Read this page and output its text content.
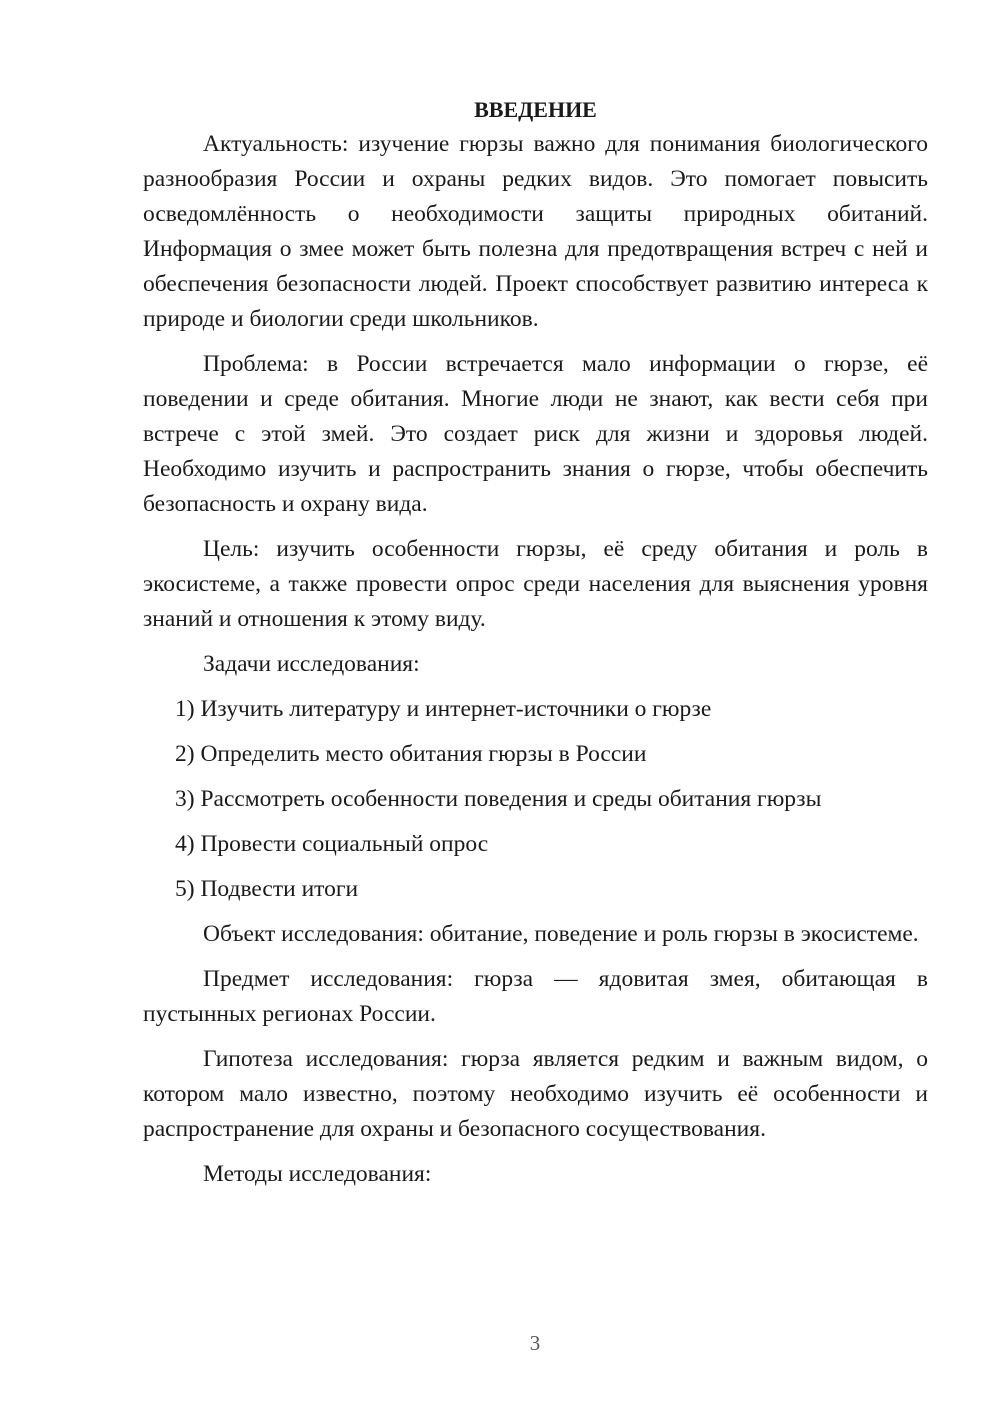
ВВЕДЕНИЕ

Актуальность: изучение гюрзы важно для понимания биологического разнообразия России и охраны редких видов. Это помогает повысить осведомлённость о необходимости защиты природных обитаний. Информация о змее может быть полезна для предотвращения встреч с ней и обеспечения безопасности людей. Проект способствует развитию интереса к природе и биологии среди школьников.

Проблема: в России встречается мало информации о гюрзе, её поведении и среде обитания. Многие люди не знают, как вести себя при встрече с этой змей. Это создает риск для жизни и здоровья людей. Необходимо изучить и распространить знания о гюрзе, чтобы обеспечить безопасность и охрану вида.

Цель: изучить особенности гюрзы, её среду обитания и роль в экосистеме, а также провести опрос среди населения для выяснения уровня знаний и отношения к этому виду.

Задачи исследования:

1) Изучить литературу и интернет-источники о гюрзе

2) Определить место обитания гюрзы в России

3) Рассмотреть особенности поведения и среды обитания гюрзы

4) Провести социальный опрос

5) Подвести итоги

Объект исследования: обитание, поведение и роль гюрзы в экосистеме.

Предмет исследования: гюрза — ядовитая змея, обитающая в пустынных регионах России.

Гипотеза исследования: гюрза является редким и важным видом, о котором мало известно, поэтому необходимо изучить её особенности и распространение для охраны и безопасного сосуществования.

Методы исследования:

3
